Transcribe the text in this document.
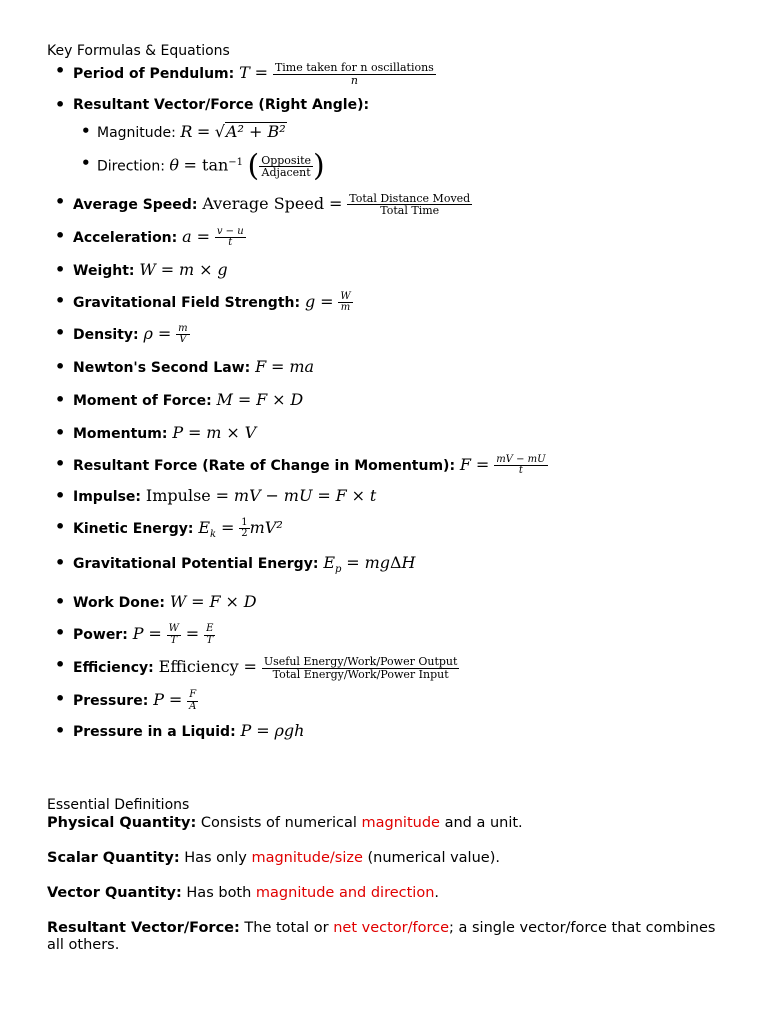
Key Formulas & Equations
• Period of Pendulum: $T = \frac{\text{Time taken for n oscillations}}{n}$
• Resultant Vector/Force (Right Angle):
• Magnitude: R = √A² + B²
• Direction: $\theta = \tan^{-1}$ ( $\frac{\text{Opposite}}{\text{Adjacent}}$ )
• Average Speed: Average Speed = $\frac{\text{Total Distance Moved}}{\text{Total Time}}$
• Acceleration: $a = \frac{v - u}{t}$
• Weight: W = m × g
• Gravitational Field Strength: $g = \frac{W}{m}$
• Density: $\rho = \frac{m}{V}$
• Newton's Second Law: F = ma
• Moment of Force: M = F × D
• Momentum: P = m × V
• Resultant Force (Rate of Change in Momentum): $F = \frac{mV - mU}{t}$
• Impulse: Impulse = mV − mU = F × t
• Kinetic Energy: $E_k = \frac{1}{2} mV^2$
• Gravitational Potential Energy: $E_p = mg\Delta H$
• Work Done: W = F × D
• Power: $P = \frac{W}{T} = \frac{E}{T}$
• Efficiency: Efficiency = $\frac{\text{Useful Energy/Work/Power Output}}{\text{Total Energy/Work/Power Input}}$
• Pressure: $P = \frac{F}{A}$
• Pressure in a Liquid: P = ρgh
Essential Definitions

Physical Quantity: Consists of numerical magnitude and a unit.

Scalar Quantity: Has only magnitude/size (numerical value).

Vector Quantity: Has both magnitude and direction.

Resultant Vector/Force: The total or net vector/force; a single vector/force that combines all others.
